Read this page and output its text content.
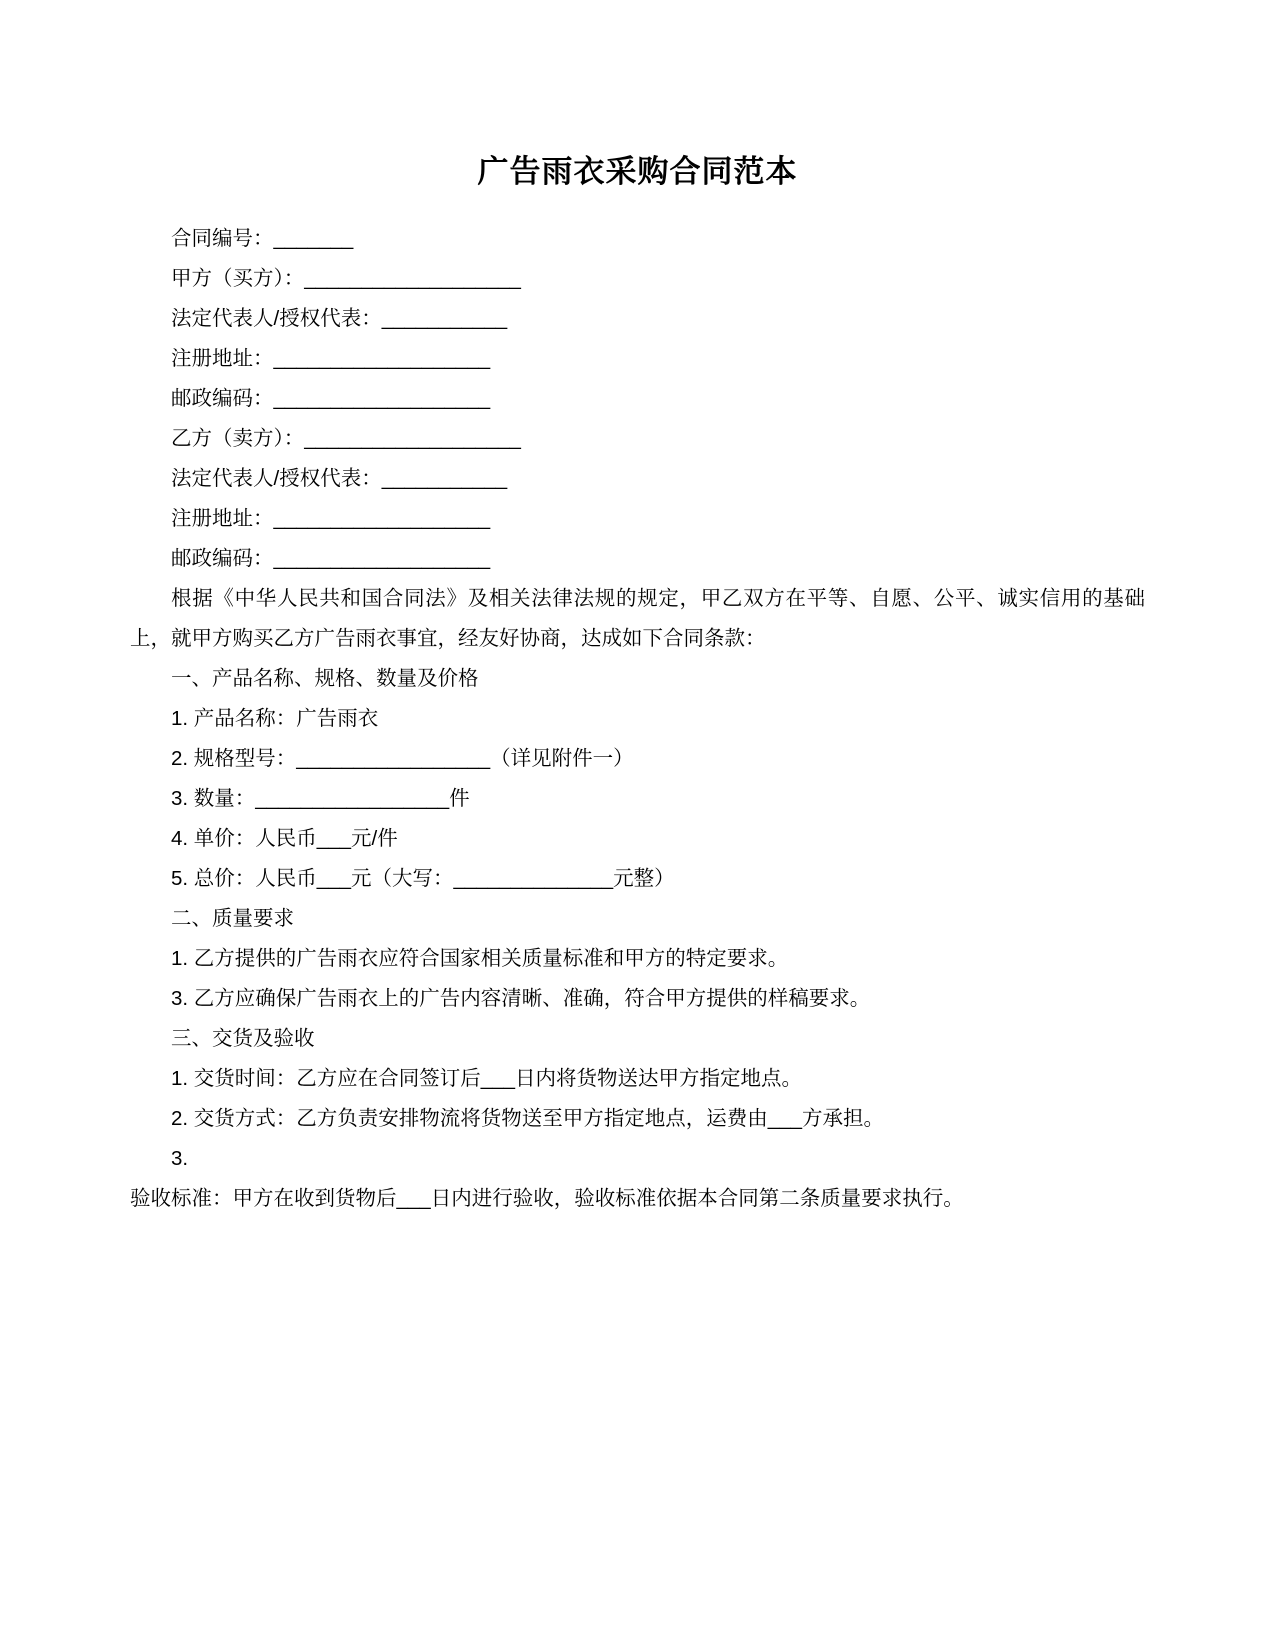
广告雨衣采购合同范本

合同编号：_______

甲方（买方）：___________________

法定代表人/授权代表：___________

注册地址：___________________

邮政编码：___________________

乙方（卖方）：___________________

法定代表人/授权代表：___________

注册地址：___________________

邮政编码：___________________

根据《中华人民共和国合同法》及相关法律法规的规定，甲乙双方在平等、自愿、公平、诚实信用的基础上，就甲方购买乙方广告雨衣事宜，经友好协商，达成如下合同条款：

一、产品名称、规格、数量及价格

1. 产品名称：广告雨衣

2. 规格型号：_________________（详见附件一）

3. 数量：_________________件

4. 单价：人民币___元/件

5. 总价：人民币___元（大写：______________元整）

二、质量要求

1. 乙方提供的广告雨衣应符合国家相关质量标准和甲方的特定要求。

3. 乙方应确保广告雨衣上的广告内容清晰、准确，符合甲方提供的样稿要求。

三、交货及验收

1. 交货时间：乙方应在合同签订后___日内将货物送达甲方指定地点。

2. 交货方式：乙方负责安排物流将货物送至甲方指定地点，运费由___方承担。

3.

验收标准：甲方在收到货物后___日内进行验收，验收标准依据本合同第二条质量要求执行。
